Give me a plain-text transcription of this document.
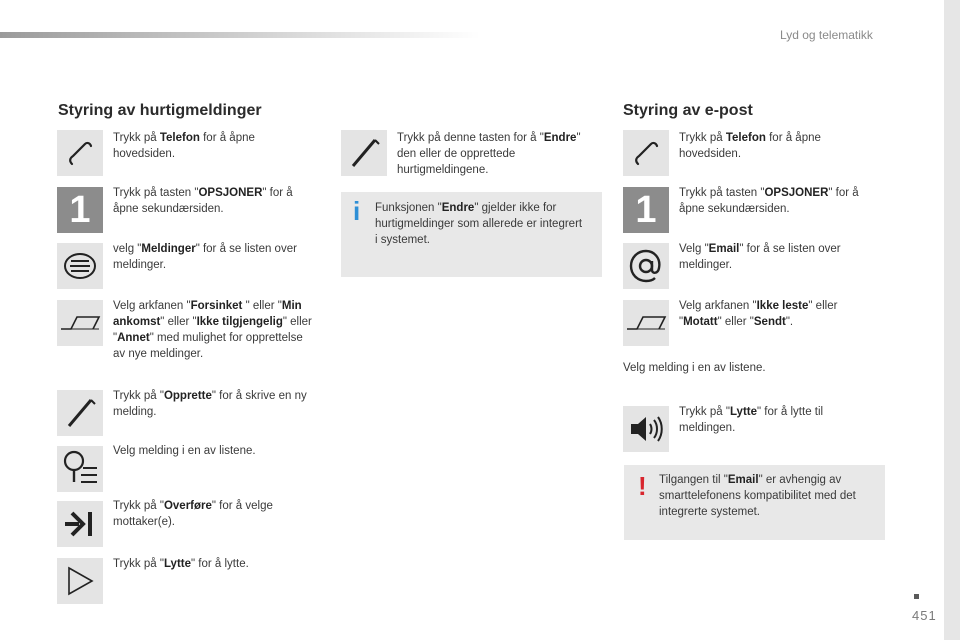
Lyd og telematikk
Styring av hurtigmeldinger
Trykk på Telefon for å åpne hovedsiden.
1	Trykk på tasten "OPSJONER" for å åpne sekundærsiden.
velg "Meldinger" for å se listen over meldinger.
Velg arkfanen "Forsinket " eller "Min ankomst" eller "Ikke tilgjengelig" eller "Annet" med mulighet for opprettelse av nye meldinger.
Trykk på "Opprette" for å skrive en ny melding.
Velg melding i en av listene.
Trykk på "Overføre" for å velge mottaker(e).
Trykk på "Lytte" for å lytte.
Trykk på denne tasten for å "Endre" den eller de opprettede hurtigmeldingene.
i Funksjonen "Endre" gjelder ikke for hurtigmeldinger som allerede er integrert i systemet.
Styring av e-post
Trykk på Telefon for å åpne hovedsiden.
1	Trykk på tasten "OPSJONER" for å åpne sekundærsiden.
Velg "Email" for å se listen over meldinger.
Velg arkfanen "Ikke leste" eller "Motatt" eller "Sendt".
Velg melding i en av listene.
Trykk på "Lytte" for å lytte til meldingen.
! Tilgangen til "Email" er avhengig av smarttelefonens kompatibilitet med det integrerte systemet.
451
